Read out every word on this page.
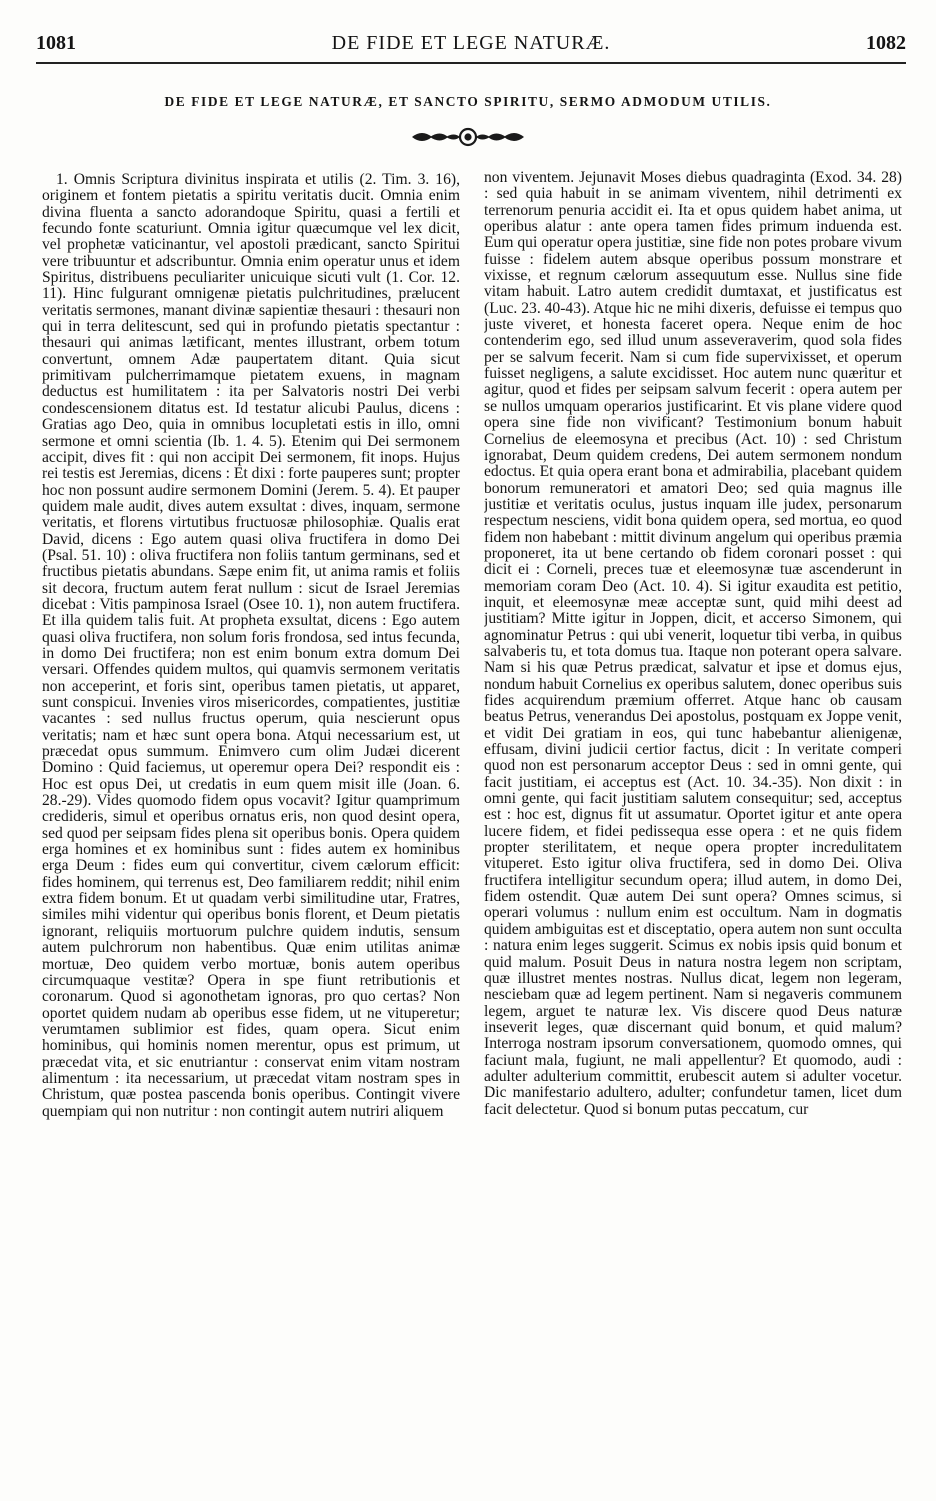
1081	DE FIDE ET LEGE NATURÆ.	1082
DE FIDE ET LEGE NATURÆ, ET SANCTO SPIRITU, SERMO ADMODUM UTILIS.

1. Omnis Scriptura divinitus inspirata et utilis (2. Tim. 3. 16), originem et fontem pietatis a spiritu veritatis ducit. Omnia enim divina fluenta a sancto adorandoque Spiritu, quasi a fertili et fecundo fonte scaturiunt. Omnia igitur quæcumque vel lex dicit, vel prophetæ vaticinantur, vel apostoli prædicant, sancto Spiritui vere tribuuntur et adscribuntur. Omnia enim operatur unus et idem Spiritus, distribuens peculiariter unicuique sicuti vult (1. Cor. 12. 11). Hinc fulgurant omnigenæ pietatis pulchritudines, prælucent veritatis sermones, manant divinæ sapientiæ thesauri : thesauri non qui in terra delitescunt, sed qui in profundo pietatis spectantur : thesauri qui animas lætificant, mentes illustrant, orbem totum convertunt, omnem Adæ paupertatem ditant. Quia sicut primitivam pulcherrimamque pietatem exuens, in magnam deductus est humilitatem : ita per Salvatoris nostri Dei verbi condescensionem ditatus est. Id testatur alicubi Paulus, dicens : Gratias ago Deo, quia in omnibus locupletati estis in illo, omni sermone et omni scientia (Ib. 1. 4. 5). Etenim qui Dei sermonem accipit, dives fit : qui non accipit Dei sermonem, fit inops. Hujus rei testis est Jeremias, dicens : Et dixi : forte pauperes sunt; propter hoc non possunt audire sermonem Domini (Jerem. 5. 4). Et pauper quidem male audit, dives autem exsultat : dives, inquam, sermone veritatis, et florens virtutibus fructuosæ philosophiæ. Qualis erat David, dicens : Ego autem quasi oliva fructifera in domo Dei (Psal. 51. 10) : oliva fructifera non foliis tantum germinans, sed et fructibus pietatis abundans. Sæpe enim fit, ut anima ramis et foliis sit decora, fructum autem ferat nullum : sicut de Israel Jeremias dicebat : Vitis pampinosa Israel (Osee 10. 1), non autem fructifera. Et illa quidem talis fuit. At propheta exsultat, dicens : Ego autem quasi oliva fructifera, non solum foris frondosa, sed intus fecunda, in domo Dei fructifera; non est enim bonum extra domum Dei versari. Offendes quidem multos, qui quamvis sermonem veritatis non acceperint, et foris sint, operibus tamen pietatis, ut apparet, sunt conspicui. Invenies viros misericordes, compatientes, justitiæ vacantes : sed nullus fructus operum, quia nescierunt opus veritatis; nam et hæc sunt opera bona. Atqui necessarium est, ut præcedat opus summum. Enimvero cum olim Judæi dicerent Domino : Quid faciemus, ut operemur opera Dei? respondit eis : Hoc est opus Dei, ut credatis in eum quem misit ille (Joan. 6. 28.-29). Vides quomodo fidem opus vocavit? Igitur quamprimum credideris, simul et operibus ornatus eris, non quod desint opera, sed quod per seipsam fides plena sit operibus bonis. Opera quidem erga homines et ex hominibus sunt : fides autem ex hominibus erga Deum : fides eum qui convertitur, civem cælorum efficit: fides hominem, qui terrenus est, Deo familiarem reddit; nihil enim extra fidem bonum. Et ut quadam verbi similitudine utar, Fratres, similes mihi videntur qui operibus bonis florent, et Deum pietatis ignorant, reliquiis mortuorum pulchre quidem indutis, sensum autem pulchrorum non habentibus. Quæ enim utilitas animæ mortuæ, Deo quidem verbo mortuæ, bonis autem operibus circumquaque vestitæ? Opera in spe fiunt retributionis et coronarum. Quod si agonothetam ignoras, pro quo certas? Non oportet quidem nudam ab operibus esse fidem, ut ne vituperetur; verumtamen sublimior est fides, quam opera. Sicut enim hominibus, qui hominis nomen merentur, opus est primum, ut præcedat vita, et sic enutriantur : conservat enim vitam nostram alimentum : ita necessarium, ut præcedat vitam nostram spes in Christum, quæ postea pascenda bonis operibus. Contingit vivere quempiam qui non nutritur : non contingit autem nutriri aliquem

non viventem. Jejunavit Moses diebus quadraginta (Exod. 34. 28) : sed quia habuit in se animam viventem, nihil detrimenti ex terrenorum penuria accidit ei. Ita et opus quidem habet anima, ut operibus alatur : ante opera tamen fides primum induenda est. Eum qui operatur opera justitiæ, sine fide non potes probare vivum fuisse : fidelem autem absque operibus possum monstrare et vixisse, et regnum cælorum assequutum esse. Nullus sine fide vitam habuit. Latro autem credidit dumtaxat, et justificatus est (Luc. 23. 40-43). Atque hic ne mihi dixeris, defuisse ei tempus quo juste viveret, et honesta faceret opera. Neque enim de hoc contenderim ego, sed illud unum asseveraverim, quod sola fides per se salvum fecerit. Nam si cum fide supervixisset, et operum fuisset negligens, a salute excidisset. Hoc autem nunc quæritur et agitur, quod et fides per seipsam salvum fecerit : opera autem per se nullos umquam operarios justificarint. Et vis plane videre quod opera sine fide non vivificant? Testimonium bonum habuit Cornelius de eleemosyna et precibus (Act. 10) : sed Christum ignorabat, Deum quidem credens, Dei autem sermonem nondum edoctus. Et quia opera erant bona et admirabilia, placebant quidem bonorum remuneratori et amatori Deo; sed quia magnus ille justitiæ et veritatis oculus, justus inquam ille judex, personarum respectum nesciens, vidit bona quidem opera, sed mortua, eo quod fidem non habebant : mittit divinum angelum qui operibus præmia proponeret, ita ut bene certando ob fidem coronari posset : qui dicit ei : Corneli, preces tuæ et eleemosynæ tuæ ascenderunt in memoriam coram Deo (Act. 10. 4). Si igitur exaudita est petitio, inquit, et eleemosynæ meæ acceptæ sunt, quid mihi deest ad justitiam? Mitte igitur in Joppen, dicit, et accerso Simonem, qui agnominatur Petrus : qui ubi venerit, loquetur tibi verba, in quibus salvaberis tu, et tota domus tua. Itaque non poterant opera salvare. Nam si his quæ Petrus prædicat, salvatur et ipse et domus ejus, nondum habuit Cornelius ex operibus salutem, donec operibus suis fides acquirendum præmium offerret. Atque hanc ob causam beatus Petrus, venerandus Dei apostolus, postquam ex Joppe venit, et vidit Dei gratiam in eos, qui tunc habebantur alienigenæ, effusam, divini judicii certior factus, dicit : In veritate comperi quod non est personarum acceptor Deus : sed in omni gente, qui facit justitiam, ei acceptus est (Act. 10. 34.-35). Non dixit : in omni gente, qui facit justitiam salutem consequitur; sed, acceptus est : hoc est, dignus fit ut assumatur. Oportet igitur et ante opera lucere fidem, et fidei pedissequa esse opera : et ne quis fidem propter sterilitatem, et neque opera propter incredulitatem vituperet. Esto igitur oliva fructifera, sed in domo Dei. Oliva fructifera intelligitur secundum opera; illud autem, in domo Dei, fidem ostendit. Quæ autem Dei sunt opera? Omnes scimus, si operari volumus : nullum enim est occultum. Nam in dogmatis quidem ambiguitas est et disceptatio, opera autem non sunt occulta : natura enim leges suggerit. Scimus ex nobis ipsis quid bonum et quid malum. Posuit Deus in natura nostra legem non scriptam, quæ illustret mentes nostras. Nullus dicat, legem non legeram, nesciebam quæ ad legem pertinent. Nam si negaveris communem legem, arguet te naturæ lex. Vis discere quod Deus naturæ inseverit leges, quæ discernant quid bonum, et quid malum? Interroga nostram ipsorum conversationem, quomodo omnes, qui faciunt mala, fugiunt, ne mali appellentur? Et quomodo, audi : adulter adulterium committit, erubescit autem si adulter vocetur. Dic manifestario adultero, adulter; confundetur tamen, licet dum facit delectetur. Quod si bonum putas peccatum, cur
